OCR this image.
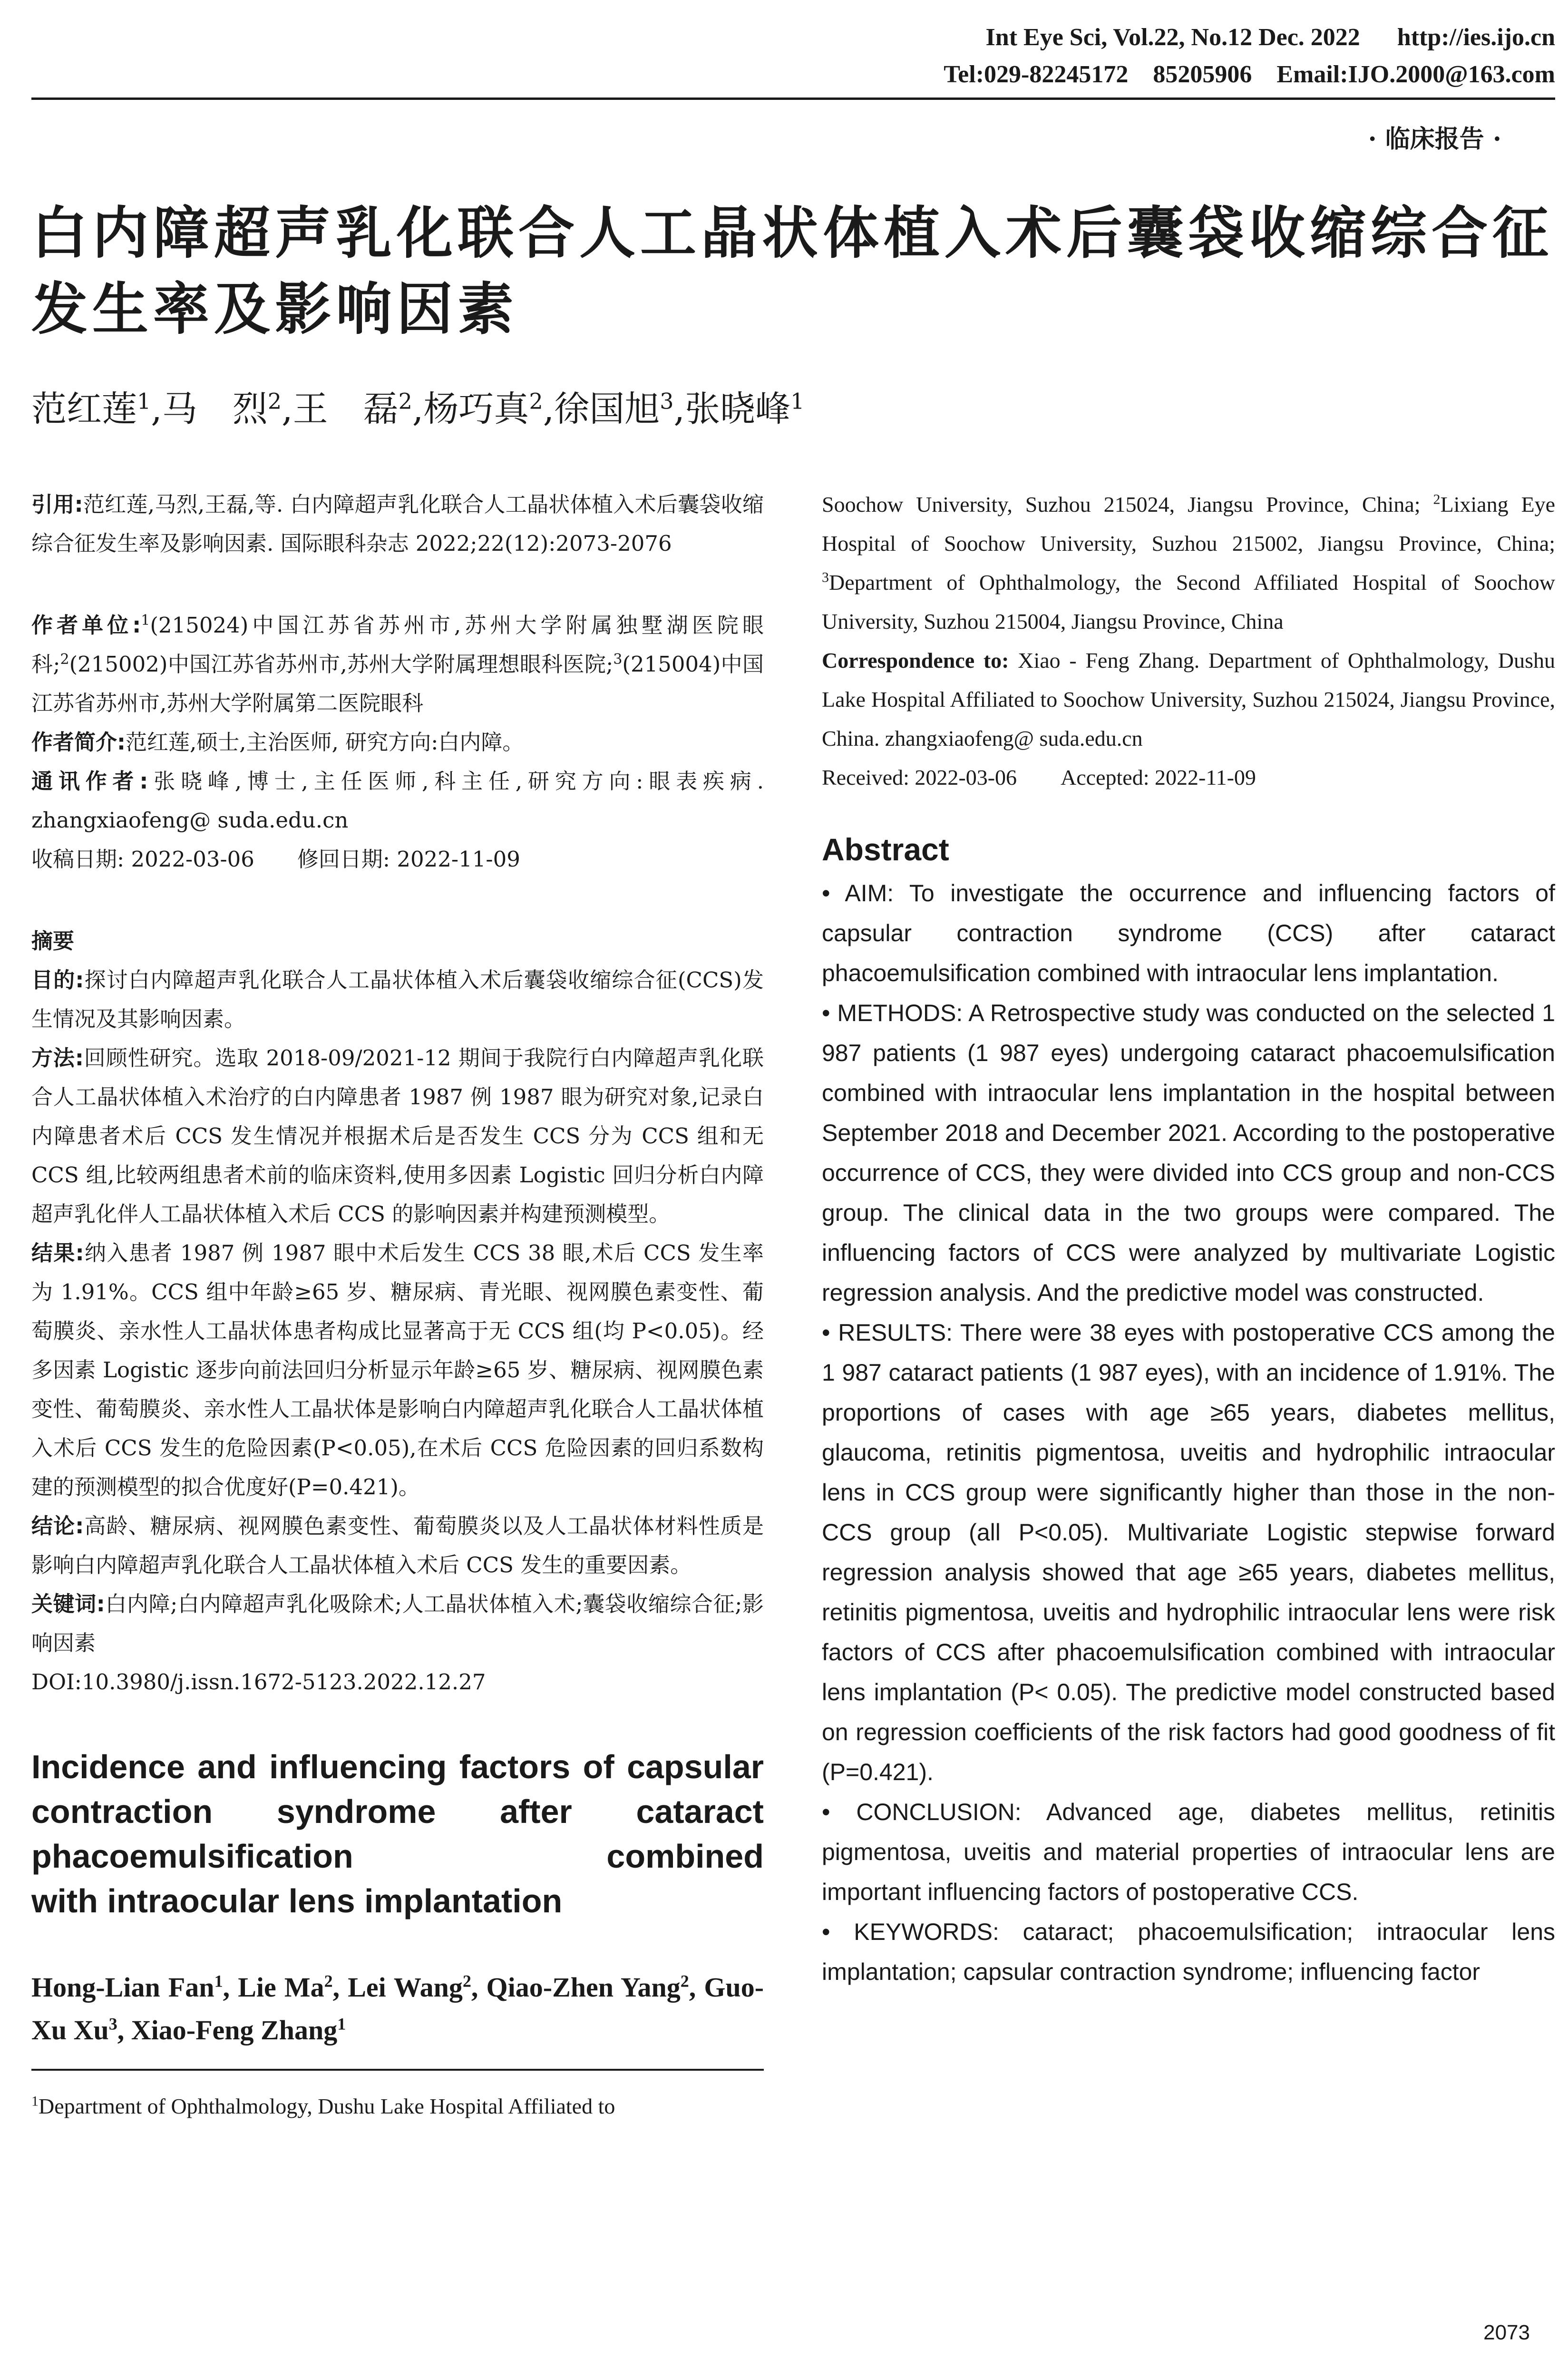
Int Eye Sci, Vol.22, No.12 Dec. 2022      http://ies.ijo.cn
Tel:029-82245172    85205906    Email:IJO.2000@163.com
· 临床报告 ·
白内障超声乳化联合人工晶状体植入术后囊袋收缩综合征发生率及影响因素
范红莲$^1$,马　烈$^2$,王　磊$^2$,杨巧真$^2$,徐国旭$^3$,张晓峰$^1$
引用:范红莲,马烈,王磊,等. 白内障超声乳化联合人工晶状体植入术后囊袋收缩综合征发生率及影响因素. 国际眼科杂志 2022;22(12):2073-2076
作者单位:$^1$(215024)中国江苏省苏州市,苏州大学附属独墅湖医院眼科;$^2$(215002)中国江苏省苏州市,苏州大学附属理想眼科医院;$^3$(215004)中国江苏省苏州市,苏州大学附属第二医院眼科
作者简介:范红莲,硕士,主治医师, 研究方向:白内障。
通讯作者:张晓峰,博士,主任医师,科主任,研究方向:眼表疾病. zhangxiaofeng@ suda.edu.cn
收稿日期: 2022-03-06　　修回日期: 2022-11-09
摘要
目的:探讨白内障超声乳化联合人工晶状体植入术后囊袋收缩综合征(CCS)发生情况及其影响因素。
方法:回顾性研究。选取 2018-09/2021-12 期间于我院行白内障超声乳化联合人工晶状体植入术治疗的白内障患者 1987 例 1987 眼为研究对象,记录白内障患者术后 CCS 发生情况并根据术后是否发生 CCS 分为 CCS 组和无 CCS 组,比较两组患者术前的临床资料,使用多因素 Logistic 回归分析白内障超声乳化伴人工晶状体植入术后 CCS 的影响因素并构建预测模型。
结果:纳入患者 1987 例 1987 眼中术后发生 CCS 38 眼,术后 CCS 发生率为 1.91%。CCS 组中年龄≥65 岁、糖尿病、青光眼、视网膜色素变性、葡萄膜炎、亲水性人工晶状体患者构成比显著高于无 CCS 组(均 P<0.05)。经多因素 Logistic 逐步向前法回归分析显示年龄≥65 岁、糖尿病、视网膜色素变性、葡萄膜炎、亲水性人工晶状体是影响白内障超声乳化联合人工晶状体植入术后 CCS 发生的危险因素(P<0.05),在术后 CCS 危险因素的回归系数构建的预测模型的拟合优度好(P=0.421)。
结论:高龄、糖尿病、视网膜色素变性、葡萄膜炎以及人工晶状体材料性质是影响白内障超声乳化联合人工晶状体植入术后 CCS 发生的重要因素。
关键词:白内障;白内障超声乳化吸除术;人工晶状体植入术;囊袋收缩综合征;影响因素
DOI:10.3980/j.issn.1672-5123.2022.12.27
Incidence and influencing factors of capsular contraction syndrome after cataract phacoemulsification combined
with intraocular lens implantation
Hong-Lian Fan$^1$, Lie Ma$^2$, Lei Wang$^2$, Qiao-Zhen Yang$^2$, Guo-Xu Xu$^3$, Xiao-Feng Zhang$^1$
$^1$Department of Ophthalmology, Dushu Lake Hospital Affiliated to
Soochow University, Suzhou 215024, Jiangsu Province, China; $^2$Lixiang Eye Hospital of Soochow University, Suzhou 215002, Jiangsu Province, China; $^3$Department of Ophthalmology, the Second Affiliated Hospital of Soochow University, Suzhou 215004, Jiangsu Province, China
Correspondence to: Xiao - Feng Zhang. Department of Ophthalmology, Dushu Lake Hospital Affiliated to Soochow University, Suzhou 215024, Jiangsu Province, China. zhangxiaofeng@ suda.edu.cn
Received: 2022-03-06　　Accepted: 2022-11-09
Abstract
• AIM: To investigate the occurrence and influencing factors of capsular contraction syndrome (CCS) after cataract phacoemulsification combined with intraocular lens implantation.
• METHODS: A Retrospective study was conducted on the selected 1 987 patients (1 987 eyes) undergoing cataract phacoemulsification combined with intraocular lens implantation in the hospital between September 2018 and December 2021. According to the postoperative occurrence of CCS, they were divided into CCS group and non-CCS group. The clinical data in the two groups were compared. The influencing factors of CCS were analyzed by multivariate Logistic regression analysis. And the predictive model was constructed.
• RESULTS: There were 38 eyes with postoperative CCS among the 1 987 cataract patients (1 987 eyes), with an incidence of 1.91%. The proportions of cases with age ≥65 years, diabetes mellitus, glaucoma, retinitis pigmentosa, uveitis and hydrophilic intraocular lens in CCS group were significantly higher than those in the non-CCS group (all P<0.05). Multivariate Logistic stepwise forward regression analysis showed that age ≥65 years, diabetes mellitus, retinitis pigmentosa, uveitis and hydrophilic intraocular lens were risk factors of CCS after phacoemulsification combined with intraocular lens implantation (P< 0.05). The predictive model constructed based on regression coefficients of the risk factors had good goodness of fit (P=0.421).
• CONCLUSION: Advanced age, diabetes mellitus, retinitis pigmentosa, uveitis and material properties of intraocular lens are important influencing factors of postoperative CCS.
• KEYWORDS: cataract; phacoemulsification; intraocular lens implantation; capsular contraction syndrome; influencing factor
2073
